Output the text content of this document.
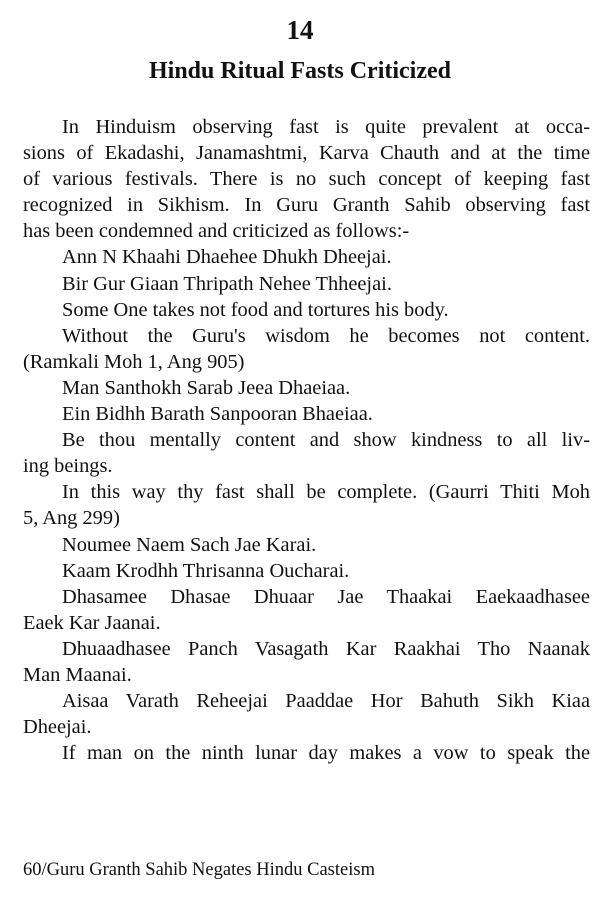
14
Hindu Ritual Fasts Criticized
In Hinduism observing fast is quite prevalent at occa-
sions of Ekadashi, Janamashtmi, Karva Chauth and at the time
of various festivals. There is no such concept of keeping fast
recognized in Sikhism. In Guru Granth Sahib observing fast
has been condemned and criticized as follows:-
Ann N Khaahi Dhaehee Dhukh Dheejai.
Bir Gur Giaan Thripath Nehee Thheejai.
Some One takes not food and tortures his body.
Without the Guru's wisdom he becomes not content.
(Ramkali Moh 1, Ang 905)
Man Santhokh Sarab Jeea Dhaeiaa.
Ein Bidhh Barath Sanpooran Bhaeiaa.
Be thou mentally content and show kindness to all liv-
ing beings.
In this way thy fast shall be complete. (Gaurri Thiti Moh
5, Ang 299)
Noumee Naem Sach Jae Karai.
Kaam Krodhh Thrisanna Oucharai.
Dhasamee Dhasae Dhuaar Jae Thaakai Eaekaadhasee
Eaek Kar Jaanai.
Dhuaadhasee Panch Vasagath Kar Raakhai Tho Naanak
Man Maanai.
Aisaa Varath Reheejai Paaddae Hor Bahuth Sikh Kiaa
Dheejai.
If man on the ninth lunar day makes a vow to speak the
60/Guru Granth Sahib Negates Hindu Casteism
